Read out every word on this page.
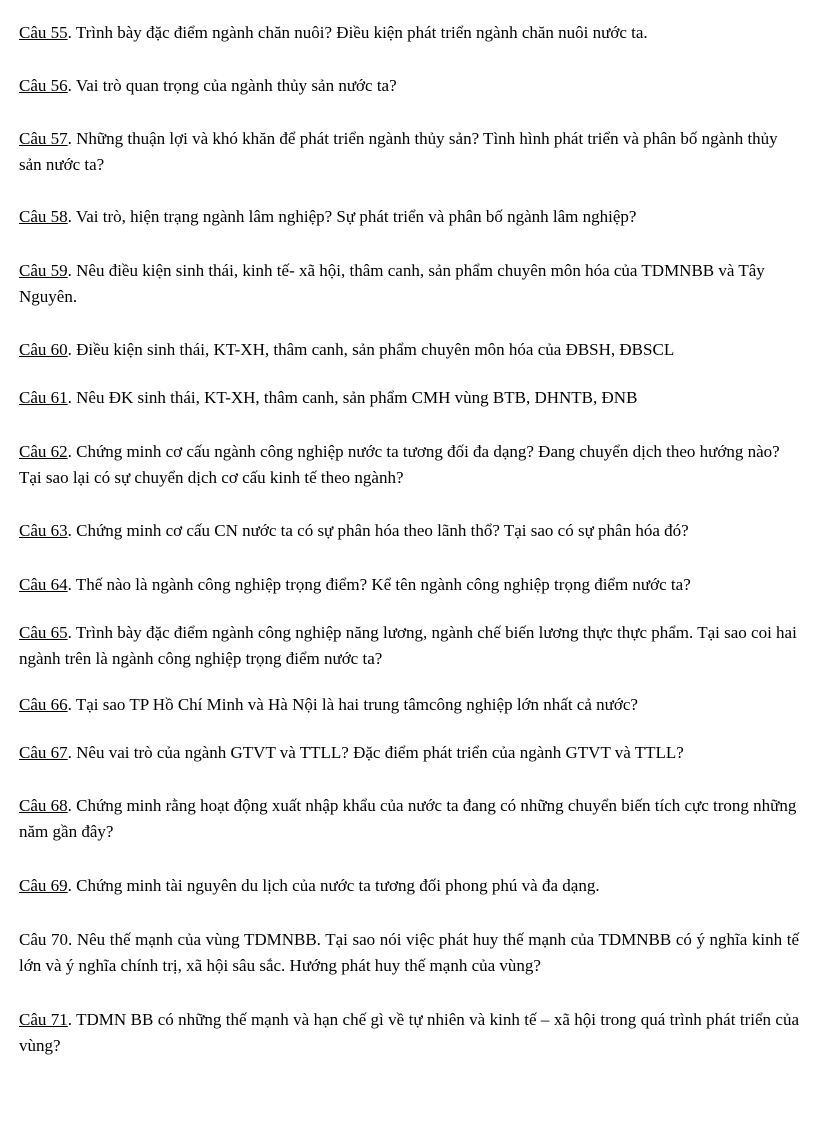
Câu 55. Trình bày đặc điểm ngành chăn nuôi? Điều kiện phát triển ngành chăn nuôi nước ta.

Câu 56. Vai trò quan trọng của ngành thủy sản nước ta?

Câu 57. Những thuận lợi và khó khăn để phát triển ngành thủy sản? Tình hình phát triển và phân bố ngành thủy sản nước ta?

Câu 58. Vai trò, hiện trạng ngành lâm nghiệp? Sự phát triển và phân bố ngành lâm nghiệp?

Câu 59. Nêu điều kiện sinh thái, kinh tế- xã hội, thâm canh, sản phẩm chuyên môn hóa của TDMNBB và Tây Nguyên.

Câu 60. Điều kiện sinh thái, KT-XH, thâm canh, sản phẩm chuyên môn hóa của ĐBSH, ĐBSCL

Câu 61. Nêu ĐK sinh thái, KT-XH, thâm canh, sản phẩm CMH vùng BTB, DHNTB, ĐNB

Câu 62. Chứng minh cơ cấu ngành công nghiệp nước ta tương đối đa dạng? Đang chuyển dịch theo hướng nào? Tại sao lại có sự chuyển dịch cơ cấu kinh tế theo ngành?

Câu 63. Chứng minh cơ cấu CN nước ta có sự phân hóa theo lãnh thổ? Tại sao có sự phân hóa đó?

Câu 64. Thế nào là ngành công nghiệp trọng điểm? Kể tên ngành công nghiệp trọng điểm nước ta?

Câu 65. Trình bày đặc điểm ngành công nghiệp năng lương, ngành chế biến lương thực thực phẩm. Tại sao coi hai ngành trên là ngành công nghiệp trọng điểm nước ta?

Câu 66. Tại sao TP Hồ Chí Minh và Hà Nội là hai trung tâmcông nghiệp lớn nhất cả nước?

Câu 67. Nêu vai trò của ngành GTVT và TTLL? Đặc điểm phát triển của ngành GTVT và TTLL?

Câu 68. Chứng minh rằng hoạt động xuất nhập khẩu của nước ta đang có những chuyển biến tích cực trong những năm gần đây?

Câu 69. Chứng minh tài nguyên du lịch của nước ta tương đối phong phú và đa dạng.

Câu 70. Nêu thế mạnh của vùng TDMNBB. Tại sao nói việc phát huy thế mạnh của TDMNBB có ý nghĩa kinh tế lớn và ý nghĩa chính trị, xã hội sâu sắc. Hướng phát huy thế mạnh của vùng?

Câu 71. TDMN BB có những thế mạnh và hạn chế gì về tự nhiên và kinh tế – xã hội trong quá trình phát triển của vùng?
